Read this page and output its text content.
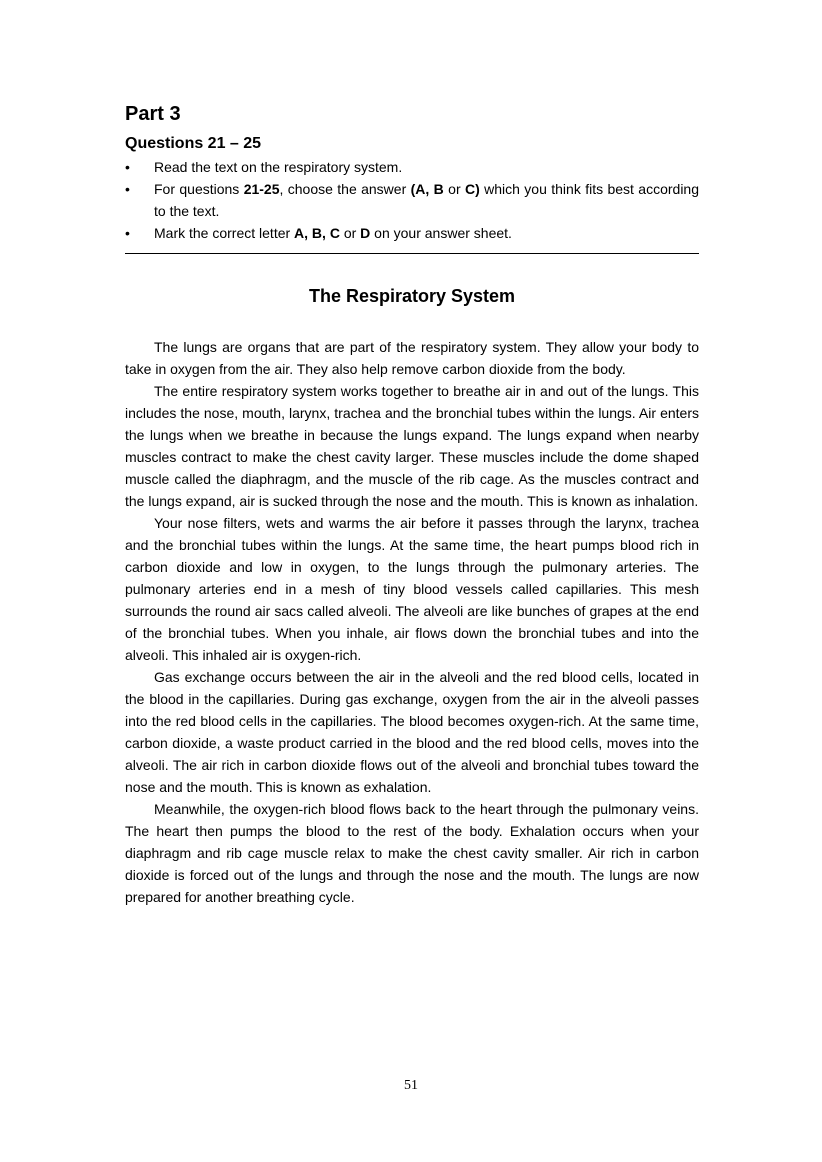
Part 3
Questions 21 – 25
• Read the text on the respiratory system.
• For questions 21-25, choose the answer (A, B or C) which you think fits best according to the text.
• Mark the correct letter A, B, C or D on your answer sheet.
The Respiratory System

The lungs are organs that are part of the respiratory system. They allow your body to take in oxygen from the air. They also help remove carbon dioxide from the body.

The entire respiratory system works together to breathe air in and out of the lungs. This includes the nose, mouth, larynx, trachea and the bronchial tubes within the lungs. Air enters the lungs when we breathe in because the lungs expand. The lungs expand when nearby muscles contract to make the chest cavity larger. These muscles include the dome shaped muscle called the diaphragm, and the muscle of the rib cage. As the muscles contract and the lungs expand, air is sucked through the nose and the mouth. This is known as inhalation.

Your nose filters, wets and warms the air before it passes through the larynx, trachea and the bronchial tubes within the lungs. At the same time, the heart pumps blood rich in carbon dioxide and low in oxygen, to the lungs through the pulmonary arteries. The pulmonary arteries end in a mesh of tiny blood vessels called capillaries. This mesh surrounds the round air sacs called alveoli. The alveoli are like bunches of grapes at the end of the bronchial tubes. When you inhale, air flows down the bronchial tubes and into the alveoli. This inhaled air is oxygen-rich.

Gas exchange occurs between the air in the alveoli and the red blood cells, located in the blood in the capillaries. During gas exchange, oxygen from the air in the alveoli passes into the red blood cells in the capillaries. The blood becomes oxygen-rich. At the same time, carbon dioxide, a waste product carried in the blood and the red blood cells, moves into the alveoli. The air rich in carbon dioxide flows out of the alveoli and bronchial tubes toward the nose and the mouth. This is known as exhalation.

Meanwhile, the oxygen-rich blood flows back to the heart through the pulmonary veins. The heart then pumps the blood to the rest of the body. Exhalation occurs when your diaphragm and rib cage muscle relax to make the chest cavity smaller. Air rich in carbon dioxide is forced out of the lungs and through the nose and the mouth. The lungs are now prepared for another breathing cycle.

51
